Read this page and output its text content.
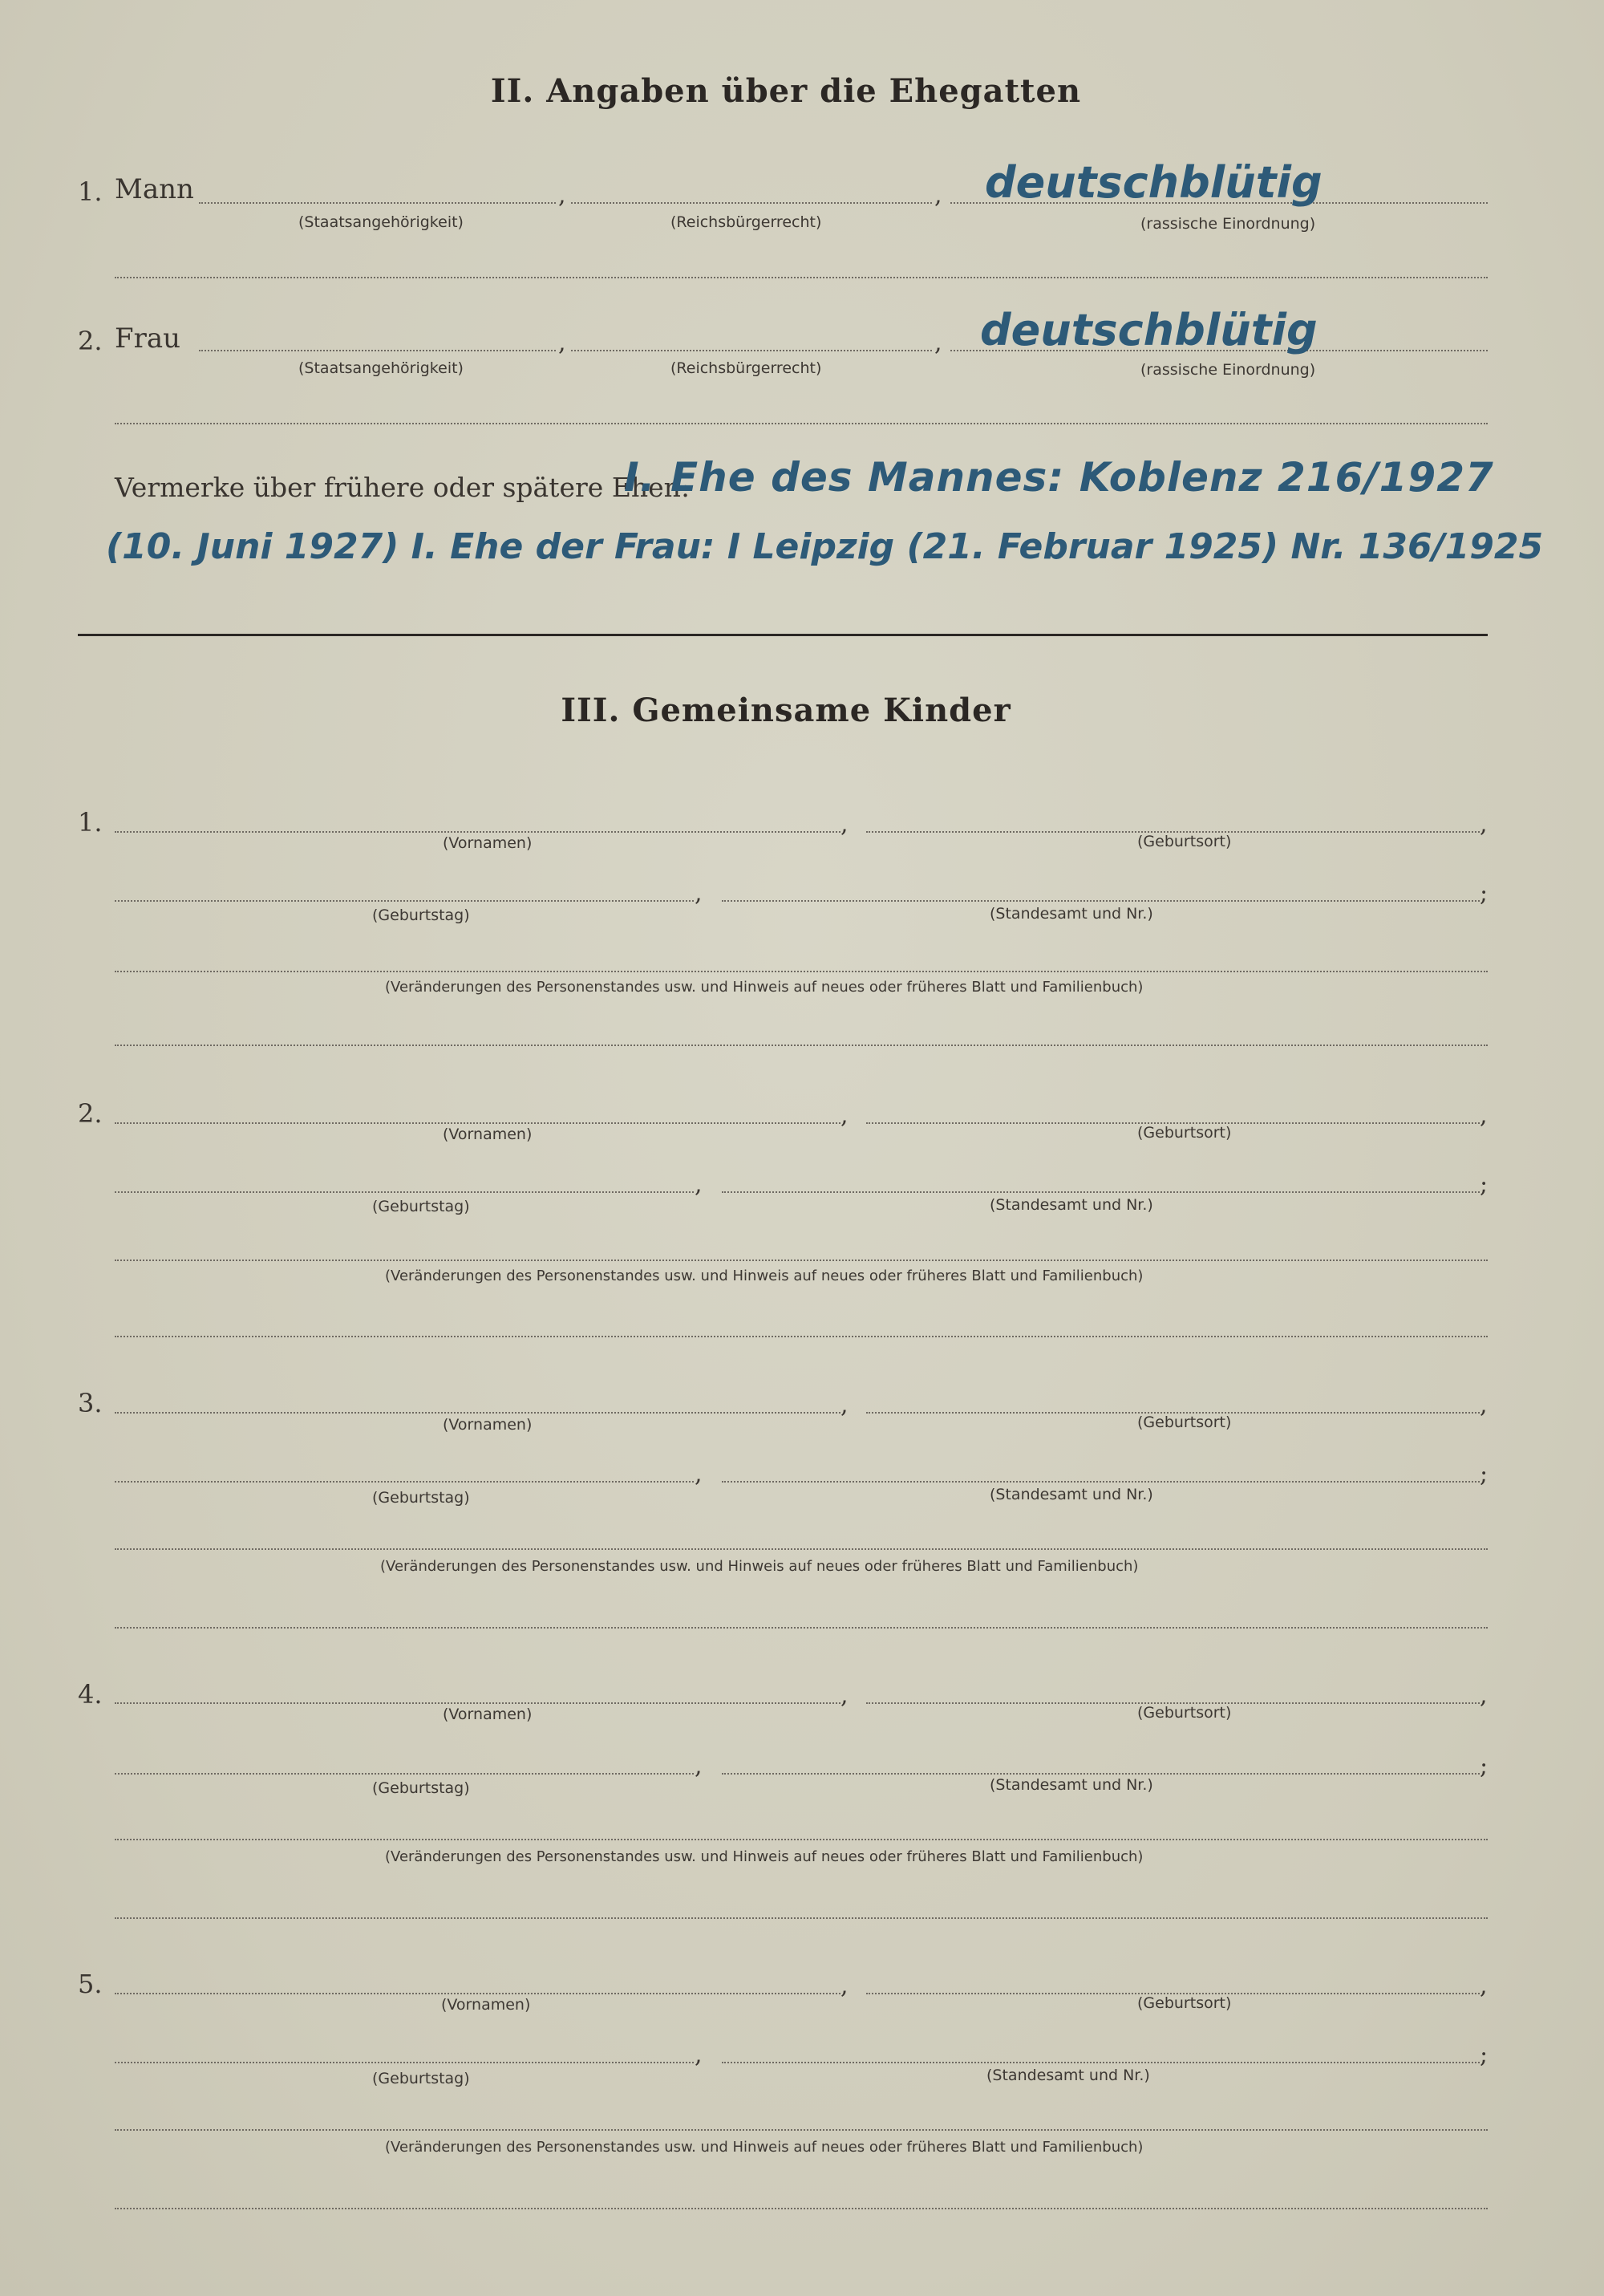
II. Angaben über die Ehegatten
1. Mann	,	,
(Staatsangehörigkeit)	(Reichsbürgerrecht)	(rassische Einordnung)
deutschblütig
2. Frau	,	,
(Staatsangehörigkeit)	(Reichsbürgerrecht)	(rassische Einordnung)
deutschblütig
Vermerke über frühere oder spätere Ehen:
I. Ehe des Mannes: Koblenz 216/1927
(10. Juni 1927) I. Ehe der Frau: I Leipzig (21. Februar 1925) Nr. 136/1925
III. Gemeinsame Kinder
1.	,	,
(Vornamen)	(Geburtsort)
,	;
(Geburtstag)	(Standesamt und Nr.)
(Veränderungen des Personenstandes usw. und Hinweis auf neues oder früheres Blatt und Familienbuch)
2.	,	,
(Vornamen)	(Geburtsort)
,	;
(Geburtstag)	(Standesamt und Nr.)
(Veränderungen des Personenstandes usw. und Hinweis auf neues oder früheres Blatt und Familienbuch)
3.	,	,
(Vornamen)	(Geburtsort)
,	;
(Geburtstag)	(Standesamt und Nr.)
(Veränderungen des Personenstandes usw. und Hinweis auf neues oder früheres Blatt und Familienbuch)
4.	,	,
(Vornamen)	(Geburtsort)
,	;
(Geburtstag)	(Standesamt und Nr.)
(Veränderungen des Personenstandes usw. und Hinweis auf neues oder früheres Blatt und Familienbuch)
5.	,	,
(Vornamen)	(Geburtsort)
,	;
(Geburtstag)	(Standesamt und Nr.)
(Veränderungen des Personenstandes usw. und Hinweis auf neues oder früheres Blatt und Familienbuch)
